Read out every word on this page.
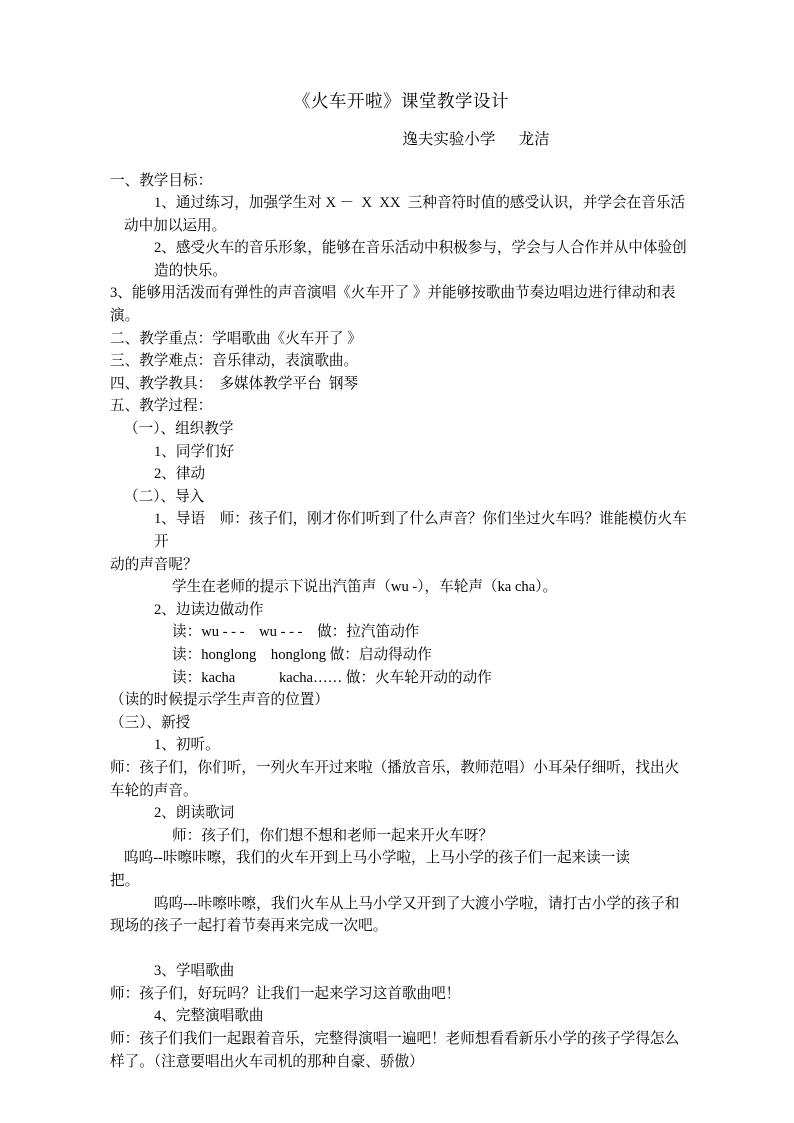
《火车开啦》课堂教学设计
逸夫实验小学　  龙洁

一、教学目标：

1、通过练习，加强学生对 X －  X  XX  三种音符时值的感受认识，并学会在音乐活

动中加以运用。

2、感受火车的音乐形象，能够在音乐活动中积极参与，学会与人合作并从中体验创

造的快乐。

3、能够用活泼而有弹性的声音演唱《火车开了 》并能够按歌曲节奏边唱边进行律动和表

演。

二、教学重点：学唱歌曲《火车开了 》

三、教学难点：音乐律动，表演歌曲。

四、教学教具：  多媒体教学平台  钢琴

五、教学过程：

（一）、组织教学

1、同学们好

2、律动

（二）、导入

1、导语　师：孩子们，刚才你们听到了什么声音？你们坐过火车吗？谁能模仿火车开

动的声音呢？

学生在老师的提示下说出汽笛声（wu -），车轮声（ka cha）。

2、边读边做动作

读：wu - - -　wu - - -　做：拉汽笛动作

读：honglong　honglong 做：启动得动作

读：kacha　　　kacha…… 做：火车轮开动的动作

（读的时候提示学生声音的位置）

（三）、新授

1、初听。

师：孩子们，你们听，一列火车开过来啦（播放音乐，教师范唱）小耳朵仔细听，找出火

车轮的声音。

2、朗读歌词

师：孩子们，你们想不想和老师一起来开火车呀？

呜呜--咔嚓咔嚓，我们的火车开到上马小学啦，上马小学的孩子们一起来读一读

把。

呜呜---咔嚓咔嚓，我们火车从上马小学又开到了大渡小学啦，请打古小学的孩子和

现场的孩子一起打着节奏再来完成一次吧。

3、学唱歌曲

师：孩子们，好玩吗？让我们一起来学习这首歌曲吧！

4、完整演唱歌曲

师：孩子们我们一起跟着音乐，完整得演唱一遍吧！老师想看看新乐小学的孩子学得怎么

样了。（注意要唱出火车司机的那种自豪、骄傲）
